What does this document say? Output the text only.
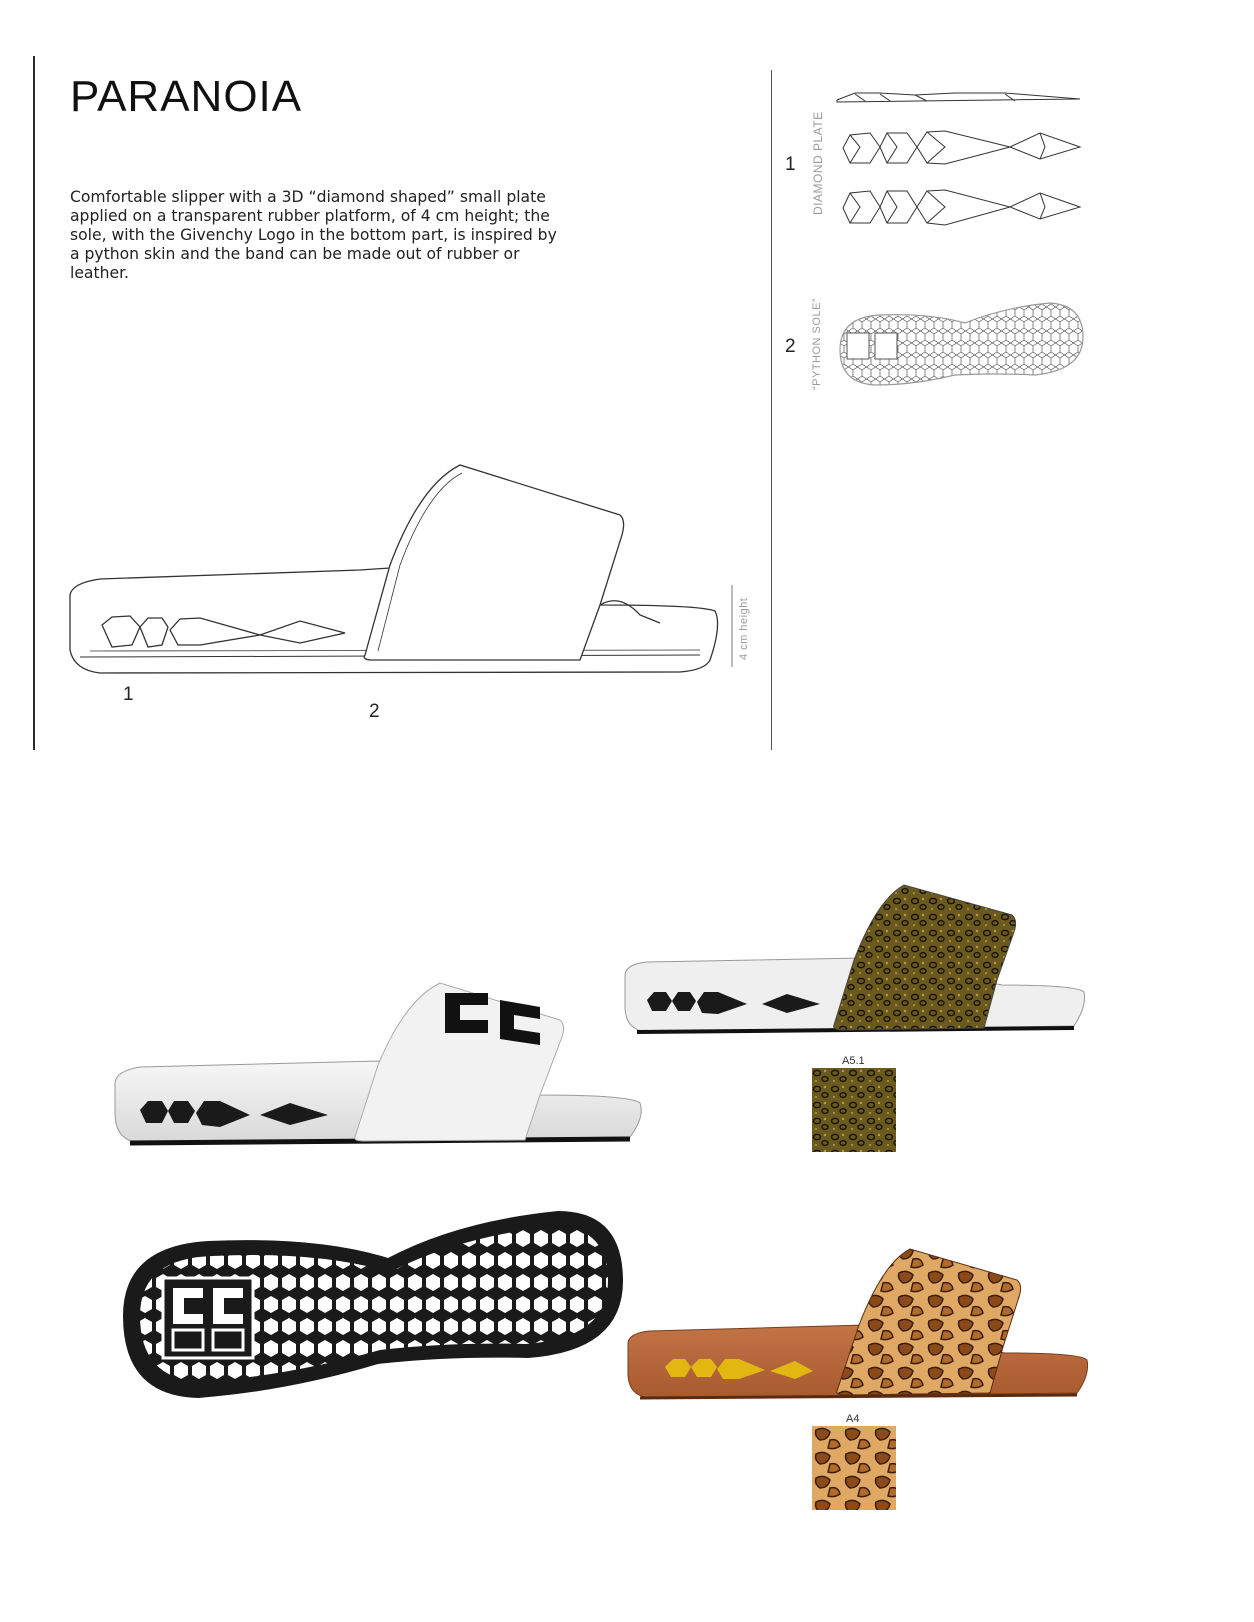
PARANOIA
Comfortable slipper with a 3D “diamond shaped” small plate applied on a transparent rubber platform, of 4 cm height; the sole, with the Givenchy Logo in the bottom part, is inspired by a python skin and the band can be made out of rubber or leather.
4 cm height
1
2
1 DIAMOND PLATE
2 “PYTHON SOLE”
A5.1
A4
